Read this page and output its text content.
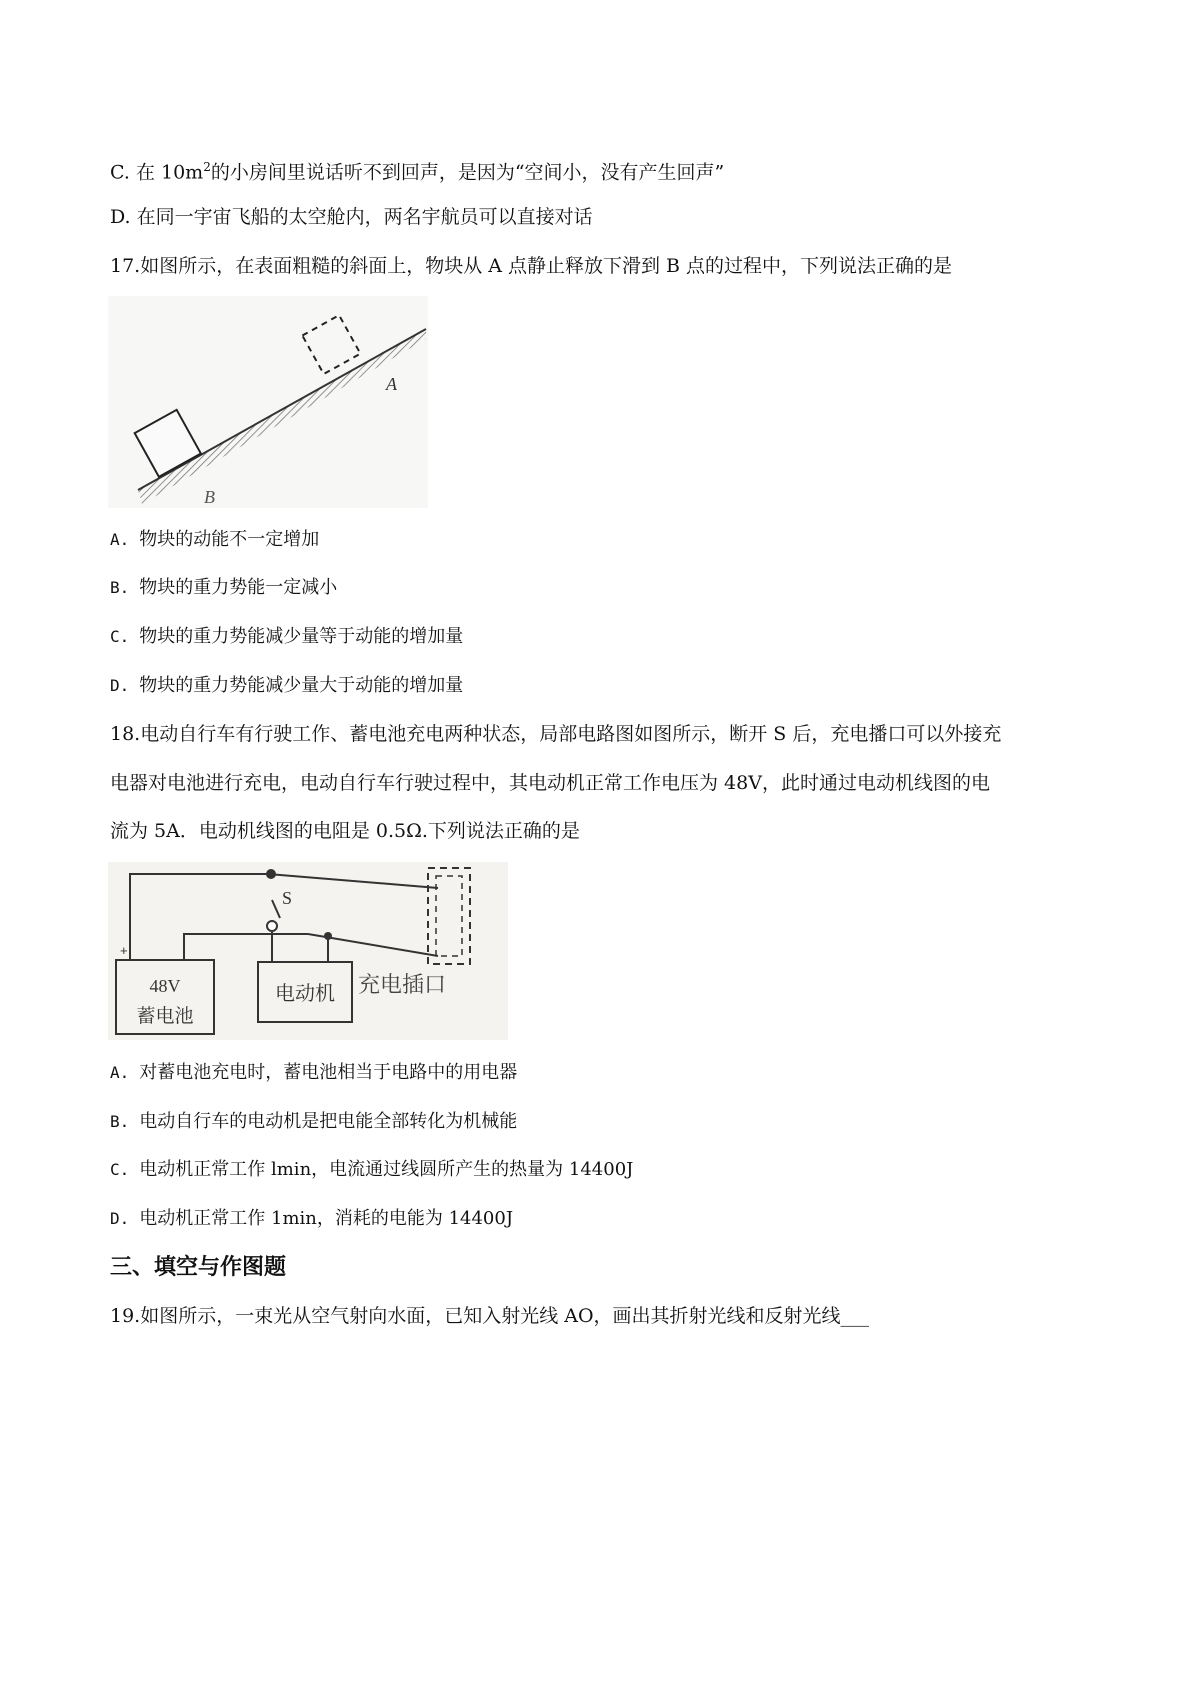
C. 在 $10m^2$的小房间里说话听不到回声，是因为“空间小，没有产生回声”
D. 在同一宇宙飞船的太空舱内，两名宇航员可以直接对话
17.如图所示，在表面粗糙的斜面上，物块从 A 点静止释放下滑到 B 点的过程中，下列说法正确的是
A
B
A. 物块的动能不一定增加
B. 物块的重力势能一定减小
C. 物块的重力势能减少量等于动能的增加量
D. 物块的重力势能减少量大于动能的增加量
18.电动自行车有行驶工作、蓄电池充电两种状态，局部电路图如图所示，断开 S 后，充电播口可以外接充
电器对电池进行充电，电动自行车行驶过程中，其电动机正常工作电压为 48V，此时通过电动机线图的电
流为 5A．电动机线图的电阻是 0.5Ω.下列说法正确的是
S
+
48V
蓄电池
电动机 充电插口
A. 对蓄电池充电时，蓄电池相当于电路中的用电器
B. 电动自行车的电动机是把电能全部转化为机械能
C. 电动机正常工作 lmin，电流通过线圆所产生的热量为 14400J
D. 电动机正常工作 1min，消耗的电能为 14400J
三、填空与作图题
19.如图所示，一束光从空气射向水面，已知入射光线 AO，画出其折射光线和反射光线___
